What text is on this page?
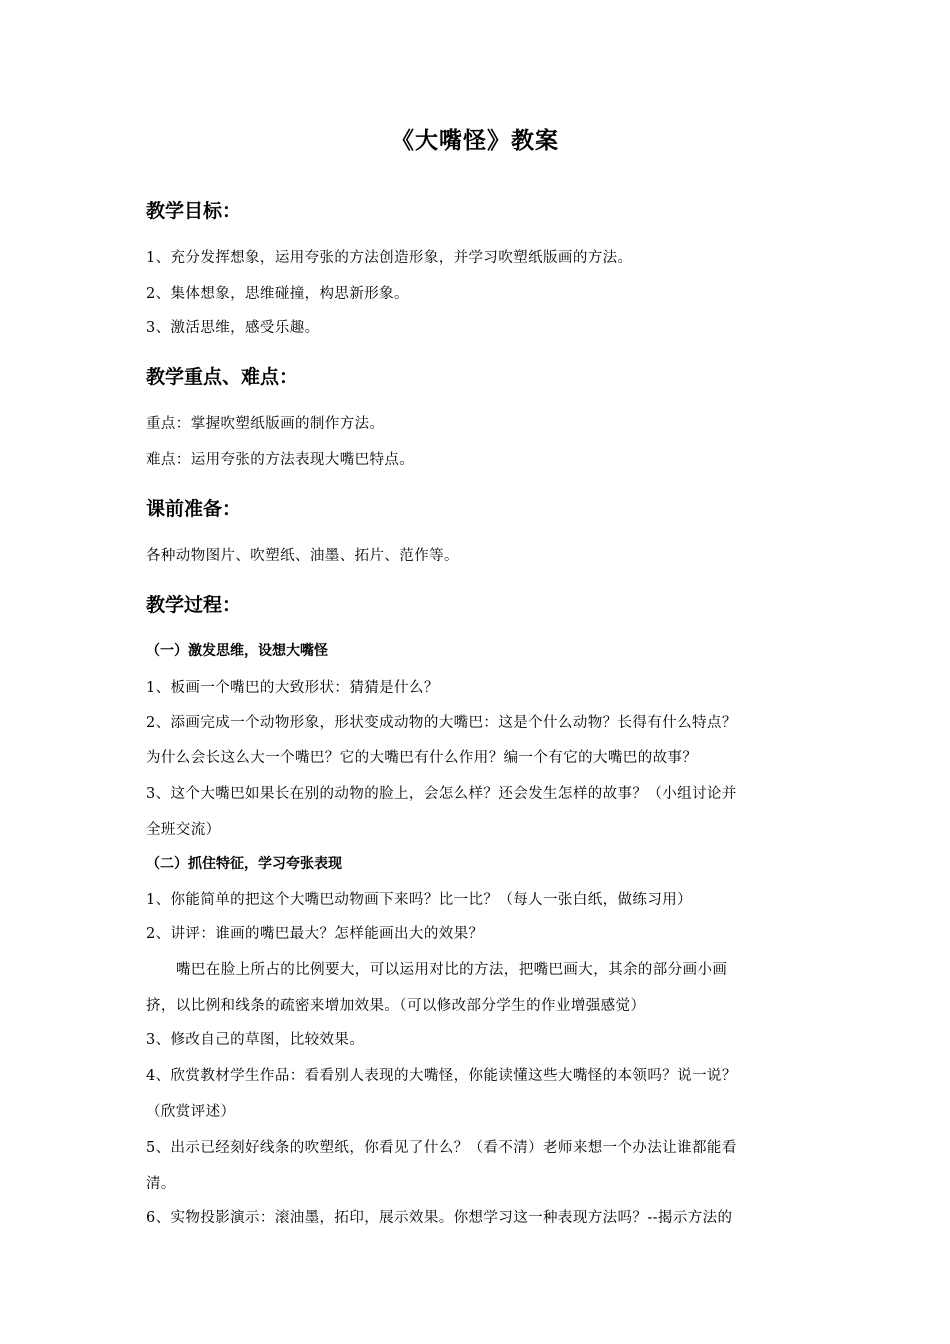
《大嘴怪》教案
教学目标：
1、充分发挥想象，运用夸张的方法创造形象，并学习吹塑纸版画的方法。
2、集体想象，思维碰撞，构思新形象。
3、激活思维，感受乐趣。
教学重点、难点：
重点：掌握吹塑纸版画的制作方法。
难点：运用夸张的方法表现大嘴巴特点。
课前准备：
各种动物图片、吹塑纸、油墨、拓片、范作等。
教学过程：
（一）激发思维，设想大嘴怪
1、板画一个嘴巴的大致形状：猜猜是什么？
2、添画完成一个动物形象，形状变成动物的大嘴巴：这是个什么动物？长得有什么特点？
为什么会长这么大一个嘴巴？它的大嘴巴有什么作用？编一个有它的大嘴巴的故事？
3、这个大嘴巴如果长在别的动物的脸上，会怎么样？还会发生怎样的故事？（小组讨论并
全班交流）
（二）抓住特征，学习夸张表现
1、你能简单的把这个大嘴巴动物画下来吗？比一比？（每人一张白纸，做练习用）
2、讲评：谁画的嘴巴最大？怎样能画出大的效果？
嘴巴在脸上所占的比例要大，可以运用对比的方法，把嘴巴画大，其余的部分画小画
挤，以比例和线条的疏密来增加效果。（可以修改部分学生的作业增强感觉）
3、修改自己的草图，比较效果。
4、欣赏教材学生作品：看看别人表现的大嘴怪，你能读懂这些大嘴怪的本领吗？说一说？
（欣赏评述）
5、出示已经刻好线条的吹塑纸，你看见了什么？（看不清）老师来想一个办法让谁都能看
清。
6、实物投影演示：滚油墨，拓印，展示效果。你想学习这一种表现方法吗？--揭示方法的
